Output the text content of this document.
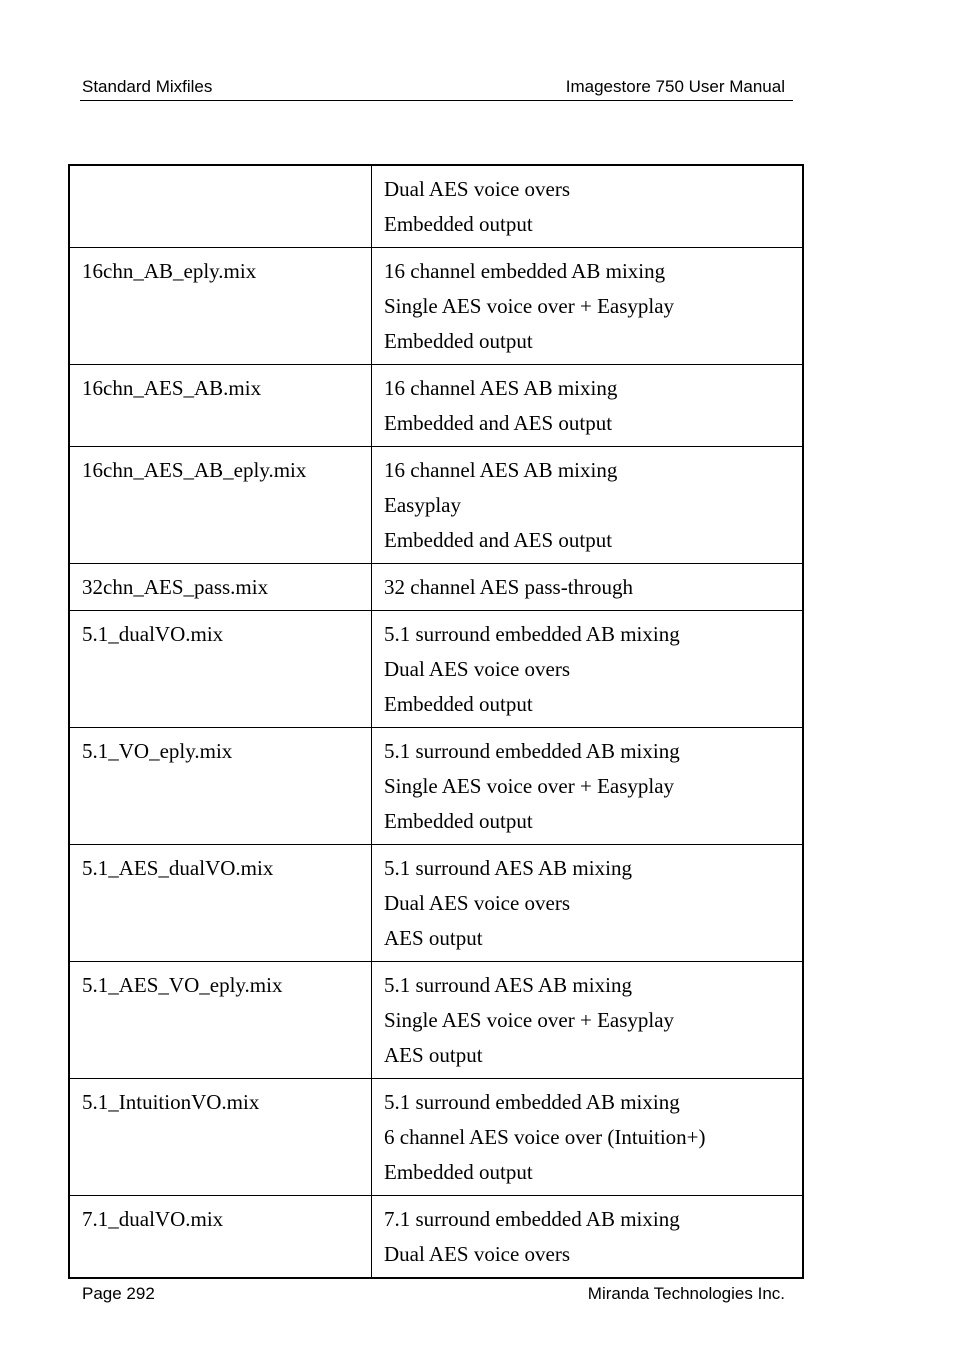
Standard Mixfiles	Imagestore 750 User Manual

	Dual AES voice overs
Embedded output

16chn_AB_eply.mix	16 channel embedded AB mixing
Single AES voice over + Easyplay
Embedded output

16chn_AES_AB.mix	16 channel AES AB mixing
Embedded and AES output

16chn_AES_AB_eply.mix	16 channel AES AB mixing
Easyplay
Embedded and AES output

32chn_AES_pass.mix	32 channel AES pass-through

5.1_dualVO.mix	5.1 surround embedded AB mixing
Dual AES voice overs
Embedded output

5.1_VO_eply.mix	5.1 surround embedded AB mixing
Single AES voice over + Easyplay
Embedded output

5.1_AES_dualVO.mix	5.1 surround AES AB mixing
Dual AES voice overs
AES output

5.1_AES_VO_eply.mix	5.1 surround AES AB mixing
Single AES voice over + Easyplay
AES output

5.1_IntuitionVO.mix	5.1 surround embedded AB mixing
6 channel AES voice over (Intuition+)
Embedded output

7.1_dualVO.mix	7.1 surround embedded AB mixing
Dual AES voice overs
Page 292	Miranda Technologies Inc.
